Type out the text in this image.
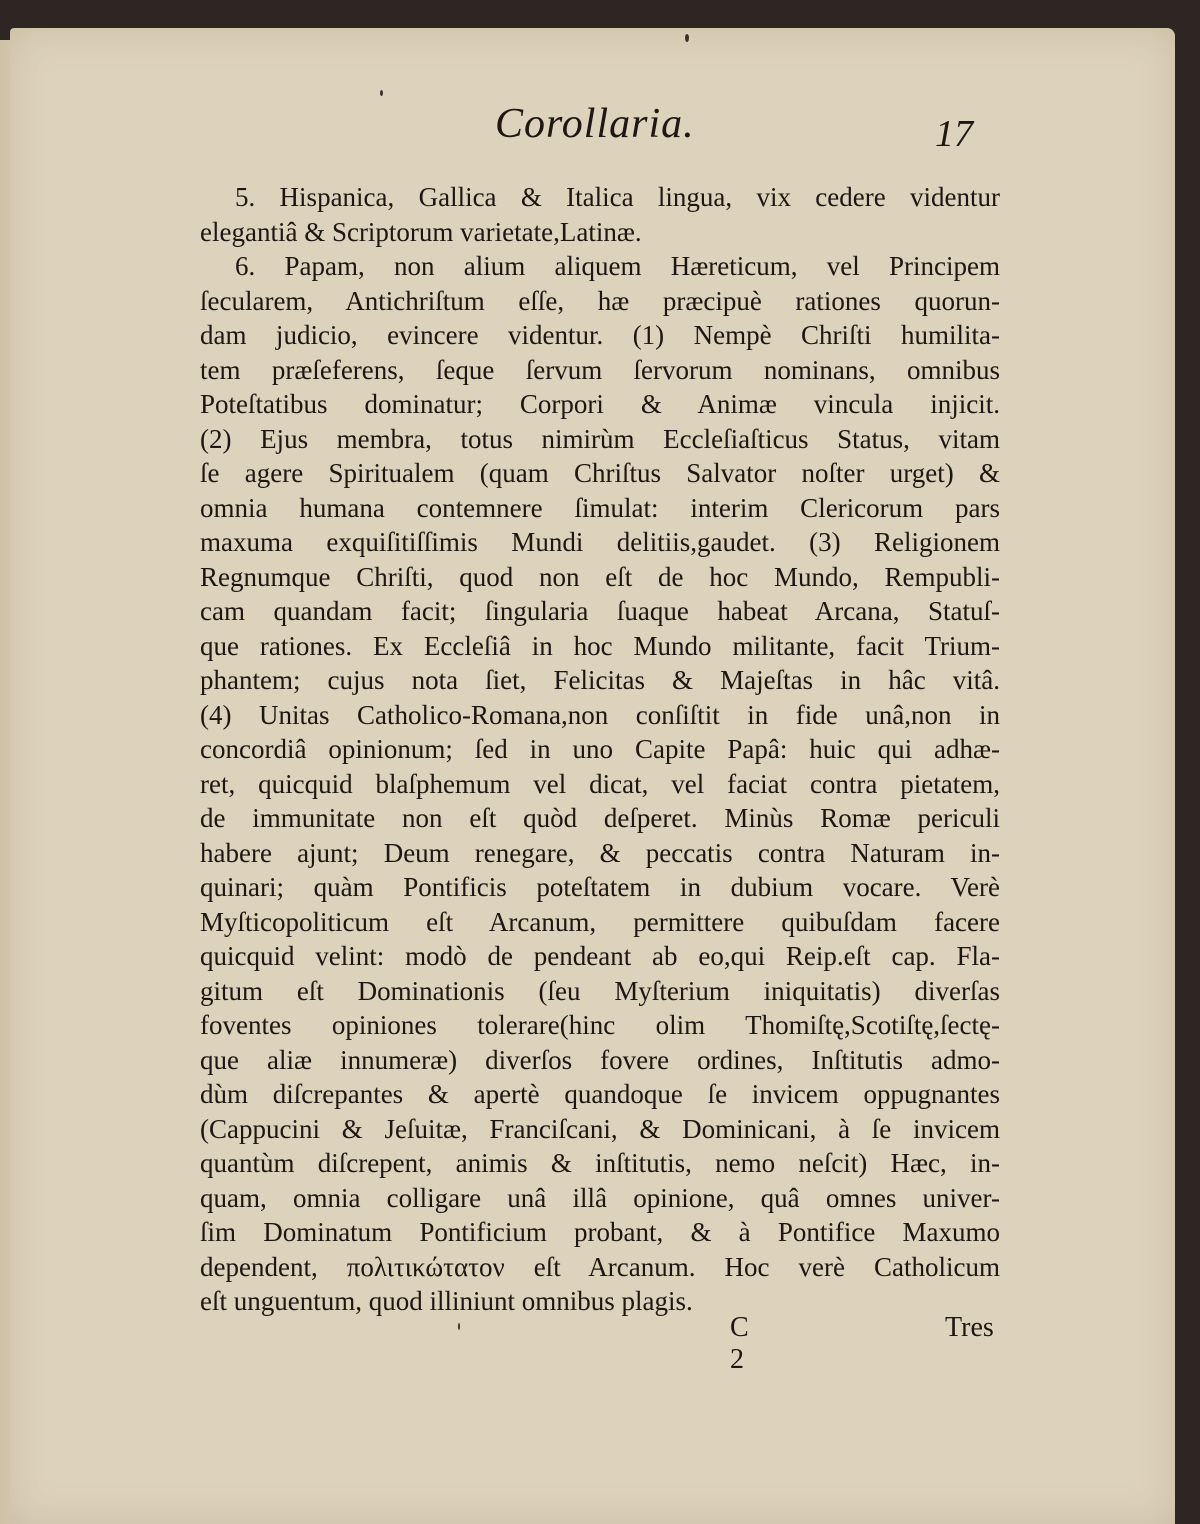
Corollaria.	17
5. Hispanica, Gallica & Italica lingua, vix cedere videntur
elegantiâ & Scriptorum varietate,Latinæ.
6. Papam, non alium aliquem Hæreticum, vel Principem
ſecularem, Antichriſtum eſſe, hæ præcipuè rationes quorun-
dam judicio, evincere videntur. (1) Nempè Chriſti humilita-
tem præſeferens, ſeque ſervum ſervorum nominans, omnibus
Poteſtatibus dominatur; Corpori & Animæ vincula injicit.
(2) Ejus membra, totus nimirùm Eccleſiaſticus Status, vitam
ſe agere Spiritualem (quam Chriſtus Salvator noſter urget) &
omnia humana contemnere ſimulat: interim Clericorum pars
maxuma exquiſitiſſimis Mundi delitiis,gaudet. (3) Religionem
Regnumque Chriſti, quod non eſt de hoc Mundo, Rempubli-
cam quandam facit; ſingularia ſuaque habeat Arcana, Statuſ-
que rationes. Ex Eccleſiâ in hoc Mundo militante, facit Trium-
phantem; cujus nota ſiet, Felicitas & Majeſtas in hâc vitâ.
(4) Unitas Catholico-Romana,non conſiſtit in fide unâ,non in
concordiâ opinionum; ſed in uno Capite Papâ: huic qui adhæ-
ret, quicquid blaſphemum vel dicat, vel faciat contra pietatem,
de immunitate non eſt quòd deſperet. Minùs Romæ periculi
habere ajunt; Deum renegare, & peccatis contra Naturam in-
quinari; quàm Pontificis poteſtatem in dubium vocare. Verè
Myſticopoliticum eſt Arcanum, permittere quibuſdam facere
quicquid velint: modò de pendeant ab eo,qui Reip.eſt cap. Fla-
gitum eſt Dominationis (ſeu Myſterium iniquitatis) diverſas
foventes opiniones tolerare(hinc olim Thomiſtę,Scotiſtę,ſectę-
que aliæ innumeræ) diverſos fovere ordines, Inſtitutis admo-
dùm diſcrepantes & apertè quandoque ſe invicem oppugnantes
(Cappucini & Jeſuitæ, Franciſcani, & Dominicani, à ſe invicem
quantùm diſcrepent, animis & inſtitutis, nemo neſcit) Hæc, in-
quam, omnia colligare unâ illâ opinione, quâ omnes univer-
ſim Dominatum Pontificium probant, & à Pontifice Maxumo
dependent, πολιτικώτατον eſt Arcanum. Hoc verè Catholicum
eſt unguentum, quod illiniunt omnibus plagis.
C 2
Tres
